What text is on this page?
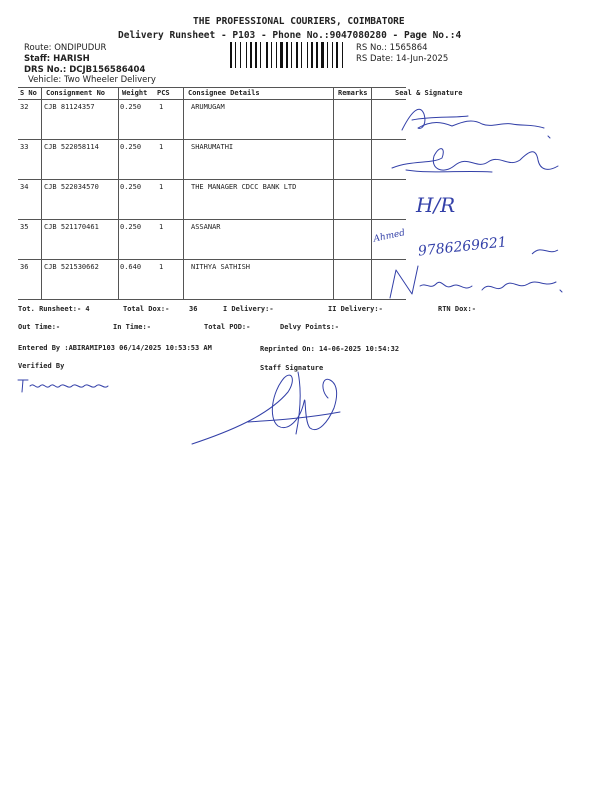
THE PROFESSIONAL COURIERS, COIMBATORE
Delivery Runsheet - P103 - Phone No.:9047080280 - Page No.:4
Route: ONDIPUDUR
Staff: HARISH
DRS No.: DCJB156586404
Vehicle: Two Wheeler Delivery
RS No.: 1565864
RS Date: 14-Jun-2025
S No Consignment No Weight PCS	Consignee Details	Remarks	Seal & Signature
32 CJB 81124357	0.250	1	ARUMUGAM
33 CJB 522058114	0.250	1	SHARUMATHI
34 CJB 522034570	0.250	1	THE MANAGER CDCC BANK LTD
35 CJB 521170461	0.250	1	ASSANAR
36 CJB 521530662	0.640	1	NITHYA SATHISH
H/R
Ahmed 9786269621
Tot. Runsheet:- 4	Total Dox:-	36	I Delivery:-	II Delivery:-	RTN Dox:-
Out Time:-	In Time:-	Total POD:-	Delvy Points:-
Entered By :ABIRAMIP103 06/14/2025 10:53:53 AM	Reprinted On: 14-06-2025 10:54:32
Verified By	Staff Signature
